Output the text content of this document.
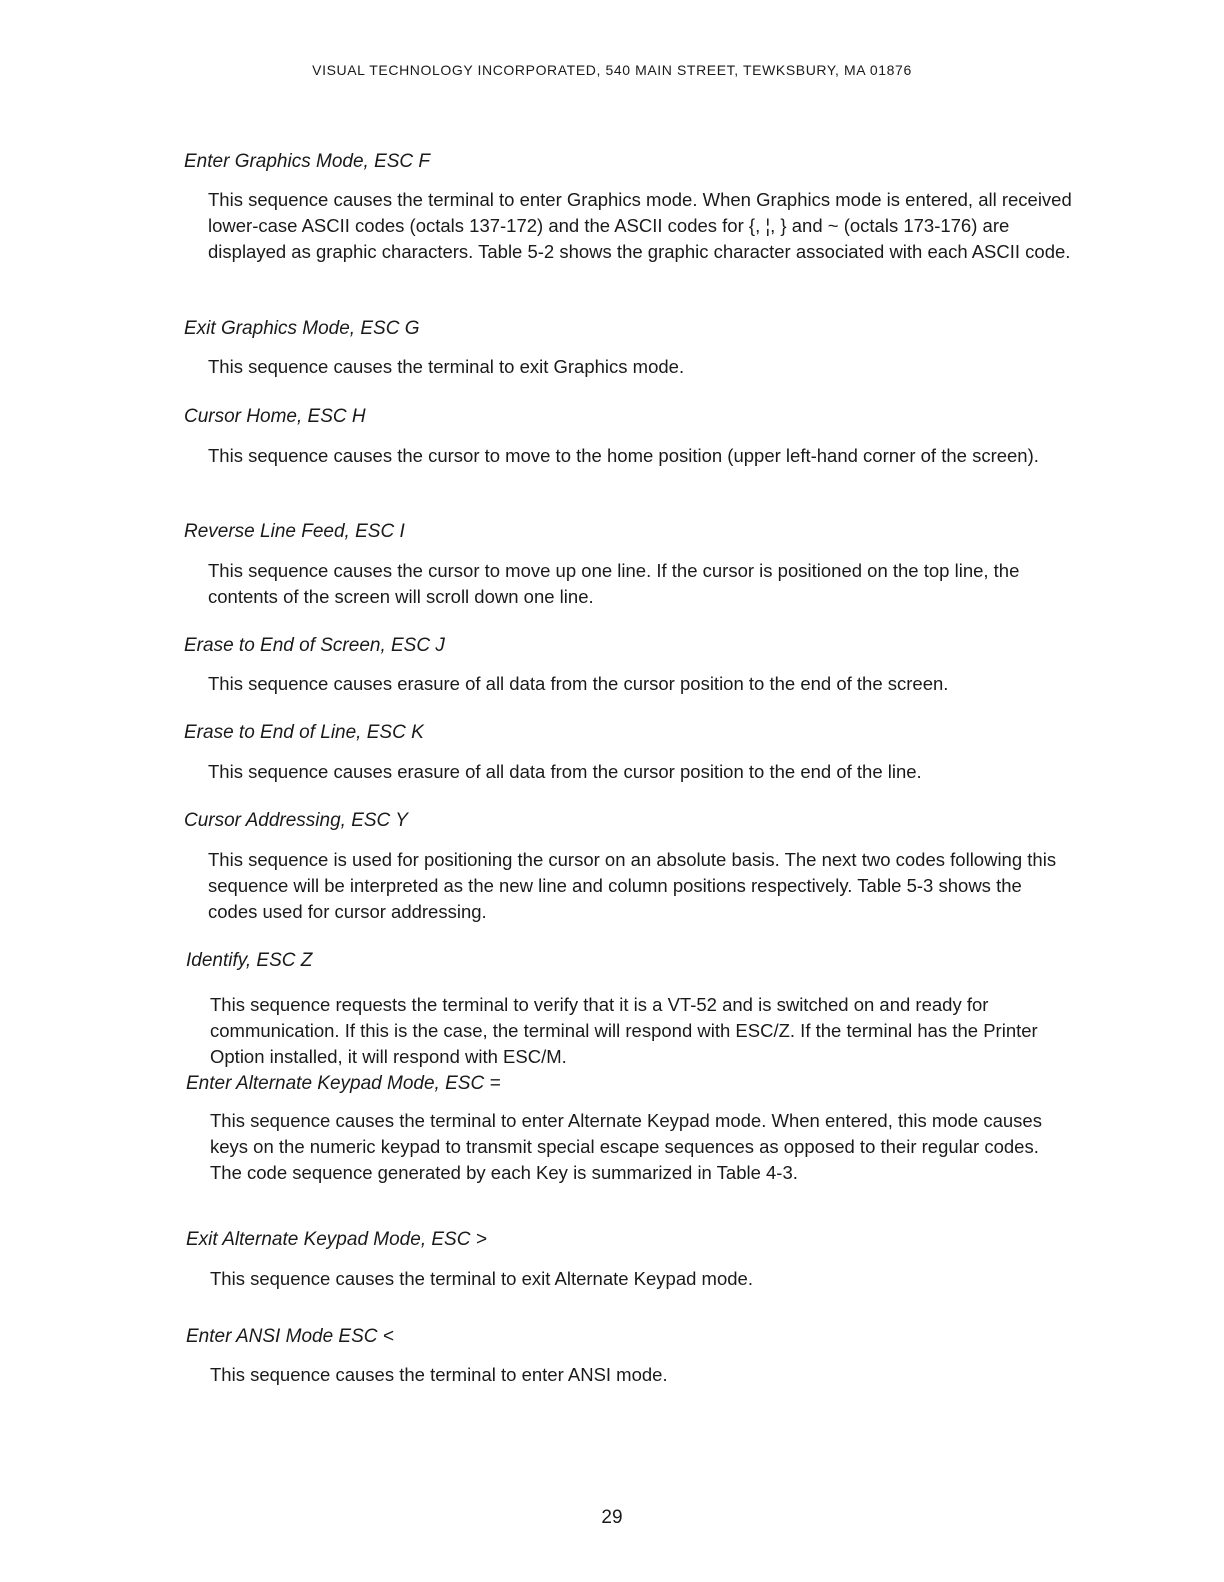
VISUAL TECHNOLOGY INCORPORATED, 540 MAIN STREET, TEWKSBURY, MA 01876
Enter Graphics Mode, ESC F

This sequence causes the terminal to enter Graphics mode. When Graphics mode is entered, all received lower-case ASCII codes (octals 137-172) and the ASCII codes for {, ¦, } and ~ (octals 173-176) are displayed as graphic characters. Table 5-2 shows the graphic character associated with each ASCII code.

Exit Graphics Mode, ESC G

This sequence causes the terminal to exit Graphics mode.

Cursor Home, ESC H

This sequence causes the cursor to move to the home position (upper left-hand corner of the screen).

Reverse Line Feed, ESC I

This sequence causes the cursor to move up one line. If the cursor is positioned on the top line, the contents of the screen will scroll down one line.

Erase to End of Screen, ESC J

This sequence causes erasure of all data from the cursor position to the end of the screen.

Erase to End of Line, ESC K

This sequence causes erasure of all data from the cursor position to the end of the line.

Cursor Addressing, ESC Y

This sequence is used for positioning the cursor on an absolute basis. The next two codes following this sequence will be interpreted as the new line and column positions respectively. Table 5-3 shows the codes used for cursor addressing.

Identify, ESC Z

This sequence requests the terminal to verify that it is a VT-52 and is switched on and ready for communication. If this is the case, the terminal will respond with ESC/Z. If the terminal has the Printer Option installed, it will respond with ESC/M.

Enter Alternate Keypad Mode, ESC =

This sequence causes the terminal to enter Alternate Keypad mode. When entered, this mode causes keys on the numeric keypad to transmit special escape sequences as opposed to their regular codes. The code sequence generated by each Key is summarized in Table 4-3.

Exit Alternate Keypad Mode, ESC >

This sequence causes the terminal to exit Alternate Keypad mode.

Enter ANSI Mode ESC <

This sequence causes the terminal to enter ANSI mode.

29
